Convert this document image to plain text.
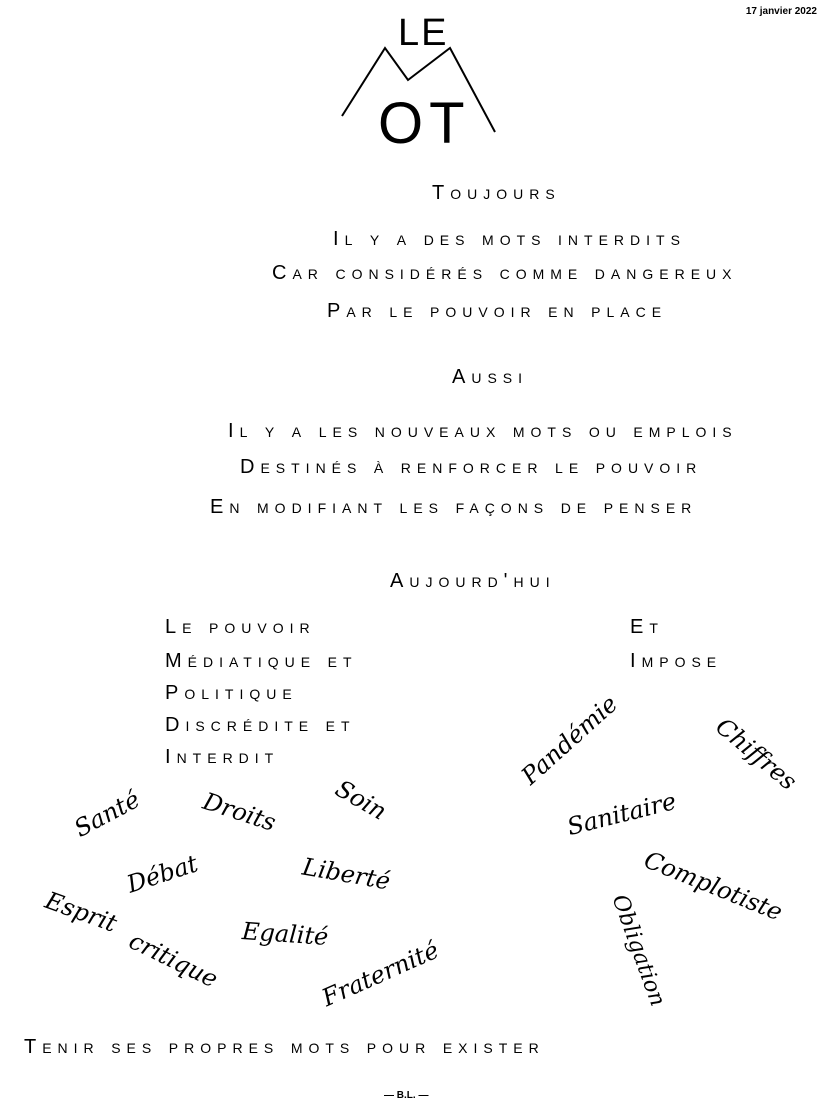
17 janvier 2022
LE
OT
Toujours
Il y a des mots interdits
Car considérés comme dangereux
Par le pouvoir en place
Aussi
Il y a les nouveaux mots ou emplois
Destinés à renforcer le pouvoir
En modifiant les façons de penser
Aujourd'hui
Le pouvoir
Médiatique et
Politique
Discrédite et
Interdit
Et
Impose
Santé Droits Soin
Débat	Liberté
Esprit
critique Egalité
Fraternité
Pandémie	Chiffres
Sanitaire
Complotiste
Obligation
Tenir ses propres mots pour exister
— B.L. —
